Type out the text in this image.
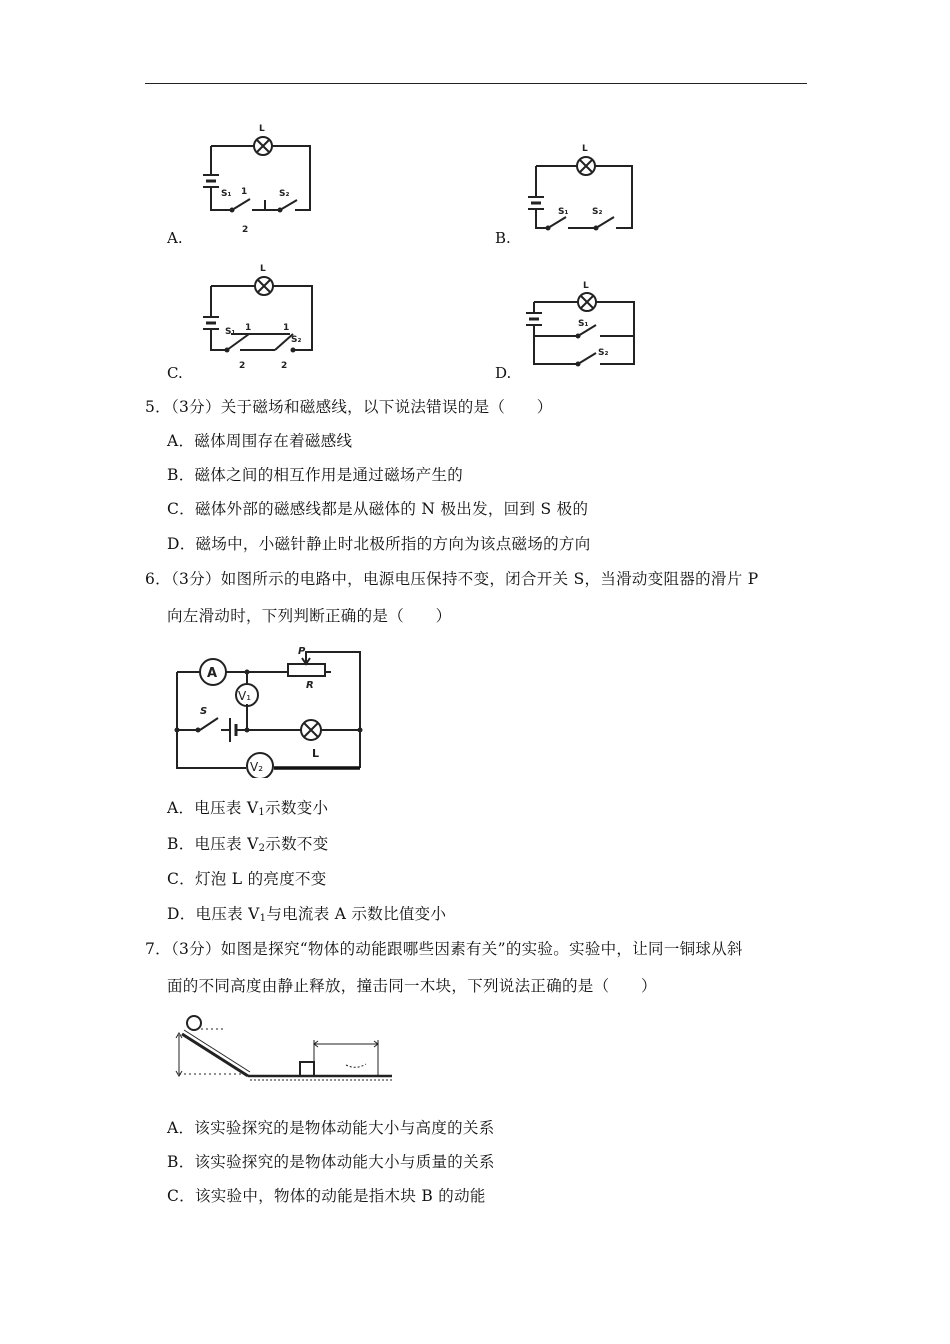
L
S₁	S₂
1
2
A.
L
S₁	S₂
B.
L
S₁
S₂
1	1
2	2
C.
L
S₁
S₂
D.
5．（3分）关于磁场和磁感线，以下说法错误的是（　　）
A．磁体周围存在着磁感线
B．磁体之间的相互作用是通过磁场产生的
C．磁体外部的磁感线都是从磁体的 N 极出发，回到 S 极的
D．磁场中，小磁针静止时北极所指的方向为该点磁场的方向
6．（3分）如图所示的电路中，电源电压保持不变，闭合开关 S，当滑动变阻器的滑片 P
向左滑动时，下列判断正确的是（　　）
A
V₁
V₂
P
R
S
L
A．电压表 $V_1$示数变小
B．电压表 $V_2$示数不变
C．灯泡 L 的亮度不变
D．电压表 $V_1$与电流表 A 示数比值变小
7．（3分）如图是探究“物体的动能跟哪些因素有关”的实验。实验中，让同一铜球从斜
面的不同高度由静止释放，撞击同一木块，下列说法正确的是（　　）
A．该实验探究的是物体动能大小与高度的关系
B．该实验探究的是物体动能大小与质量的关系
C．该实验中，物体的动能是指木块 B 的动能
